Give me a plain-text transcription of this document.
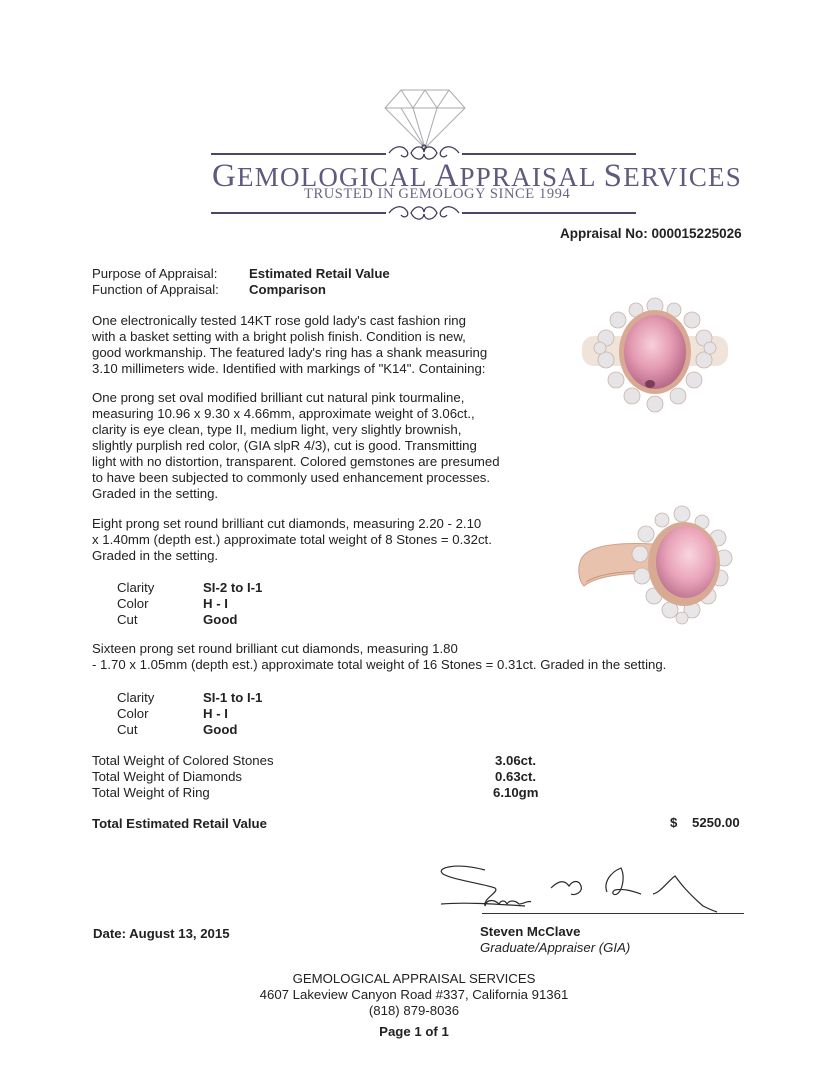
GEMOLOGICAL APPRAISAL SERVICES
TRUSTED IN GEMOLOGY SINCE 1994
Appraisal No: 000015225026
Purpose of Appraisal:	Estimated Retail Value
Function of Appraisal:	Comparison
One electronically tested 14KT rose gold lady's cast fashion ring
with a basket setting with a bright polish finish. Condition is new,
good workmanship. The featured lady's ring has a shank measuring
3.10 millimeters wide. Identified with markings of "K14". Containing:
One prong set oval modified brilliant cut natural pink tourmaline,
measuring 10.96 x 9.30 x 4.66mm, approximate weight of 3.06ct.,
clarity is eye clean, type II, medium light, very slightly brownish,
slightly purplish red color, (GIA slpR 4/3), cut is good. Transmitting
light with no distortion, transparent. Colored gemstones are presumed
to have been subjected to commonly used enhancement processes.
Graded in the setting.
Eight prong set round brilliant cut diamonds, measuring 2.20 - 2.10
x 1.40mm (depth est.) approximate total weight of 8 Stones = 0.32ct.
Graded in the setting.
Clarity	SI-2 to I-1
Color	H - I
Cut	Good
Sixteen prong set round brilliant cut diamonds, measuring 1.80
- 1.70 x 1.05mm (depth est.) approximate total weight of 16 Stones = 0.31ct. Graded in the setting.
Clarity	SI-1 to I-1
Color	H - I
Cut	Good
Total Weight of Colored Stones	3.06ct.
Total Weight of Diamonds	0.63ct.
Total Weight of Ring	6.10gm
Total Estimated Retail Value	$ 5250.00
Steven McClave
Graduate/Appraiser (GIA)
Date: August 13, 2015
GEMOLOGICAL APPRAISAL SERVICES
4607 Lakeview Canyon Road #337, California 91361
(818) 879-8036
Page 1 of 1
